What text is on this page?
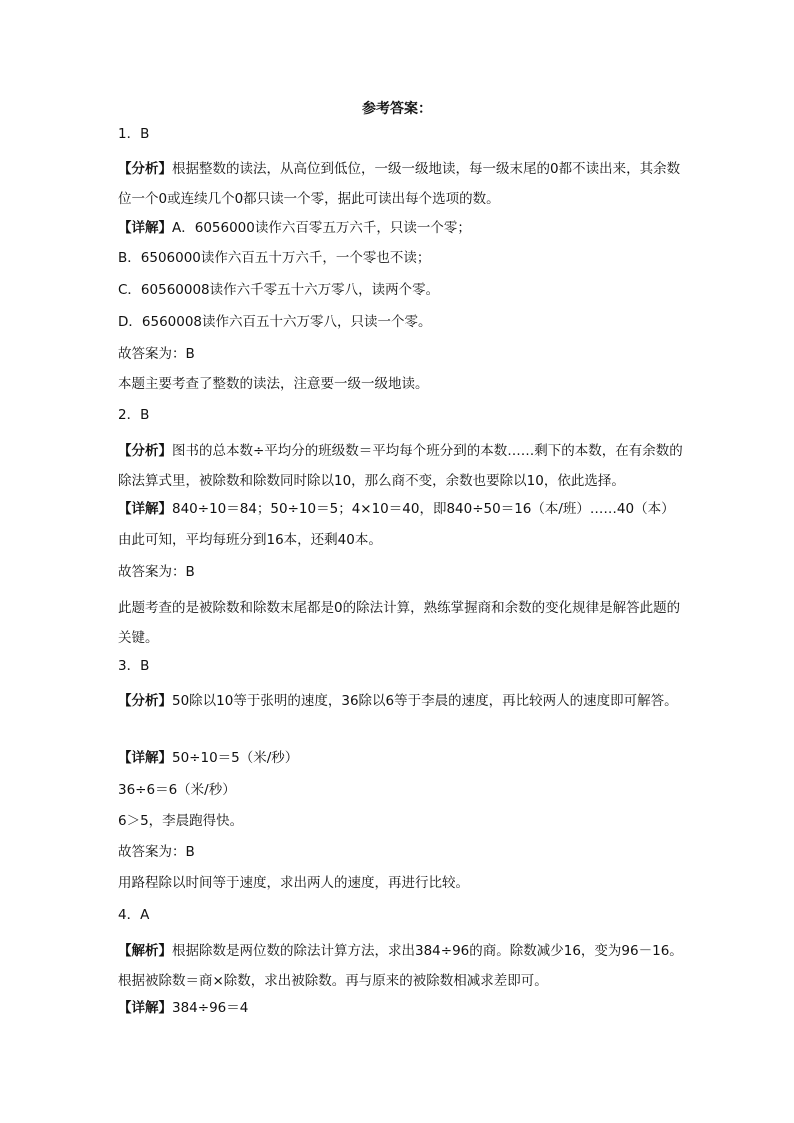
参考答案：
1．B
【分析】根据整数的读法，从高位到低位，一级一级地读，每一级末尾的0都不读出来，其余数位一个0或连续几个0都只读一个零，据此可读出每个选项的数。
【详解】A．6056000读作六百零五万六千，只读一个零；
B．6506000读作六百五十万六千，一个零也不读；
C．60560008读作六千零五十六万零八，读两个零。
D．6560008读作六百五十六万零八，只读一个零。
故答案为：B
本题主要考查了整数的读法，注意要一级一级地读。
2．B
【分析】图书的总本数÷平均分的班级数＝平均每个班分到的本数……剩下的本数，在有余数的除法算式里，被除数和除数同时除以10，那么商不变，余数也要除以10，依此选择。
【详解】840÷10＝84；50÷10＝5；4×10＝40，即840÷50＝16（本/班）……40（本）
由此可知，平均每班分到16本，还剩40本。
故答案为：B
此题考查的是被除数和除数末尾都是0的除法计算，熟练掌握商和余数的变化规律是解答此题的关键。
3．B
【分析】50除以10等于张明的速度，36除以6等于李晨的速度，再比较两人的速度即可解答。
【详解】50÷10＝5（米/秒）
36÷6＝6（米/秒）
6＞5，李晨跑得快。
故答案为：B
用路程除以时间等于速度，求出两人的速度，再进行比较。
4．A
【解析】根据除数是两位数的除法计算方法，求出384÷96的商。除数减少16，变为96－16。根据被除数＝商×除数，求出被除数。再与原来的被除数相减求差即可。
【详解】384÷96＝4
